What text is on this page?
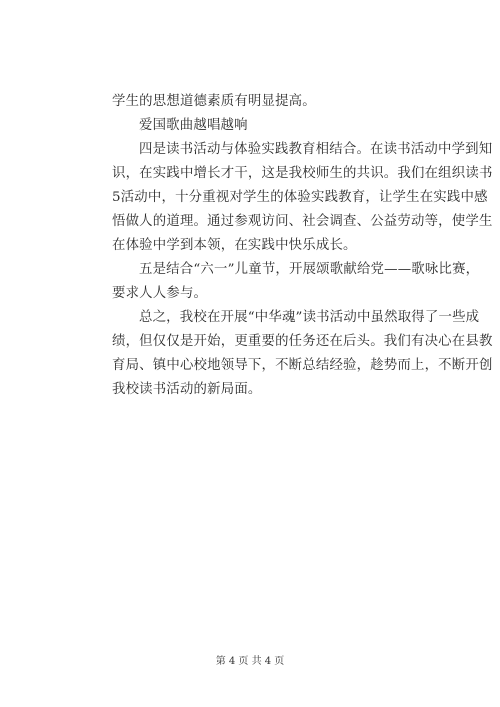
学生的思想道德素质有明显提高。
爱国歌曲越唱越响
四是读书活动与体验实践教育相结合。在读书活动中学到知
识，在实践中增长才干，这是我校师生的共识。我们在组织读书
5活动中，十分重视对学生的体验实践教育，让学生在实践中感
悟做人的道理。通过参观访问、社会调查、公益劳动等，使学生
在体验中学到本领，在实践中快乐成长。
五是结合“六一”儿童节，开展颂歌献给党——歌咏比赛，
要求人人参与。
总之，我校在开展“中华魂”读书活动中虽然取得了一些成
绩，但仅仅是开始，更重要的任务还在后头。我们有决心在县教
育局、镇中心校地领导下，不断总结经验，趁势而上，不断开创
我校读书活动的新局面。
第 4 页 共 4 页
